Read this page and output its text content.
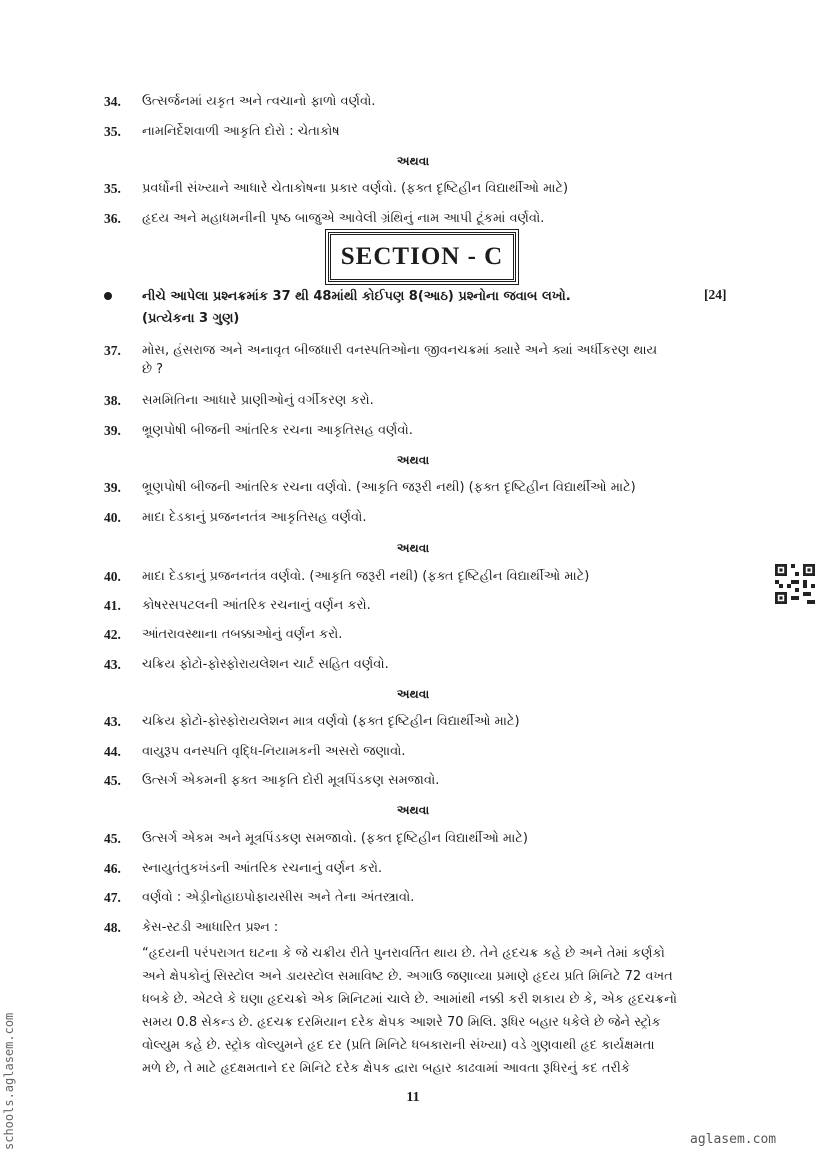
34. ઉત્સર્જનમાં યકૃત અને ત્વચાનો ફાળો વર્ણવો.
35. નામનિર્દેશવાળી આકૃતિ દોરો : ચેતાકોષ
અથવા
35. પ્રવર્ધોની સંખ્યાને આધારે ચેતાકોષના પ્રકાર વર્ણવો. (ફક્ત દૃષ્ટિહીન વિદ્યાર્થીઓ માટે)
36. હૃદય અને મહાધમનીની પૃષ્ઠ બાજુએ આવેલી ગ્રંથિનું નામ આપી ટૂંકમાં વર્ણવો.
SECTION - C
નીચે આપેલા પ્રશ્નક્રમાંક 37 થી 48માંથી કોઈપણ 8(આઠ) પ્રશ્નોના જવાબ લખો.	[24]
(પ્રત્યેકના 3 ગુણ)
37. મોસ, હંસરાજ અને અનાવૃત બીજધારી વનસ્પતિઓના જીવનચક્રમાં ક્યારે અને ક્યાં અર્ધીકરણ થાય
છે ?
38. સમમિતિના આધારે પ્રાણીઓનું વર્ગીકરણ કરો.
39. ભ્રૂણપોષી બીજની આંતરિક રચના આકૃતિસહ વર્ણવો.
અથવા
39. ભ્રૂણપોષી બીજની આંતરિક રચના વર્ણવો. (આકૃતિ જરૂરી નથી) (ફક્ત દૃષ્ટિહીન વિદ્યાર્થીઓ માટે)
40. માદા દેડકાનું પ્રજનનતંત્ર આકૃતિસહ વર્ણવો.
અથવા
40. માદા દેડકાનું પ્રજનનતંત્ર વર્ણવો. (આકૃતિ જરૂરી નથી) (ફક્ત દૃષ્ટિહીન વિદ્યાર્થીઓ માટે)
41. કોષરસપટલની આંતરિક રચનાનું વર્ણન કરો.
42. આંતરાવસ્થાના તબક્કાઓનું વર્ણન કરો.
43. ચક્રિય ફોટો-ફોસ્ફોરાયલેશન ચાર્ટ સહિત વર્ણવો.
અથવા
43. ચક્રિય ફોટો-ફોસ્ફોરાયલેશન માત્ર વર્ણવો (ફક્ત દૃષ્ટિહીન વિદ્યાર્થીઓ માટે)
44. વાયુરૂપ વનસ્પતિ વૃદ્ધિ-નિયામકની અસરો જણાવો.
45. ઉત્સર્ગ એકમની ફક્ત આકૃતિ દોરી મૂત્રપિંડકણ સમજાવો.
અથવા
45. ઉત્સર્ગ એકમ અને મૂત્રપિંડકણ સમજાવો. (ફક્ત દૃષ્ટિહીન વિદ્યાર્થીઓ માટે)
46. સ્નાયુતંતુકખંડની આંતરિક રચનાનું વર્ણન કરો.
47. વર્ણવો : એડ્રીનોહાઇપોફાયસીસ અને તેના અંતસ્ત્રાવો.
48. કેસ-સ્ટડી આધારિત પ્રશ્ન :
“હૃદયની પરંપરાગત ઘટના કે જે ચક્રીય રીતે પુનરાવર્તિત થાય છે. તેને હૃદચક્ર કહે છે અને તેમાં કર્ણકો
અને ક્ષેપકોનું સિસ્ટોલ અને ડાયસ્ટોલ સમાવિષ્ટ છે. અગાઉ જણાવ્યા પ્રમાણે હૃદય પ્રતિ મિનિટે 72 વખત
ધબકે છે. એટલે કે ઘણા હૃદચક્રો એક મિનિટમાં ચાલે છે. આમાંથી નક્કી કરી શકાય છે કે, એક હૃદચક્રનો
સમય 0.8 સેકન્ડ છે. હૃદચક્ર દરમિયાન દરેક ક્ષેપક આશરે 70 મિલિ. રૂધિર બહાર ધકેલે છે જેને સ્ટ્રોક
વોલ્યુમ કહે છે. સ્ટ્રોક વોલ્યુમને હૃદ દર (પ્રતિ મિનિટે ધબકારાની સંખ્યા) વડે ગુણવાથી હૃદ કાર્યક્ષમતા
મળે છે, તે માટે હૃદક્ષમતાને દર મિનિટે દરેક ક્ષેપક દ્વારા બહાર કાઢવામાં આવતા રૂધિરનું કદ તરીકે
11
schools.aglasem.com	aglasem.com
